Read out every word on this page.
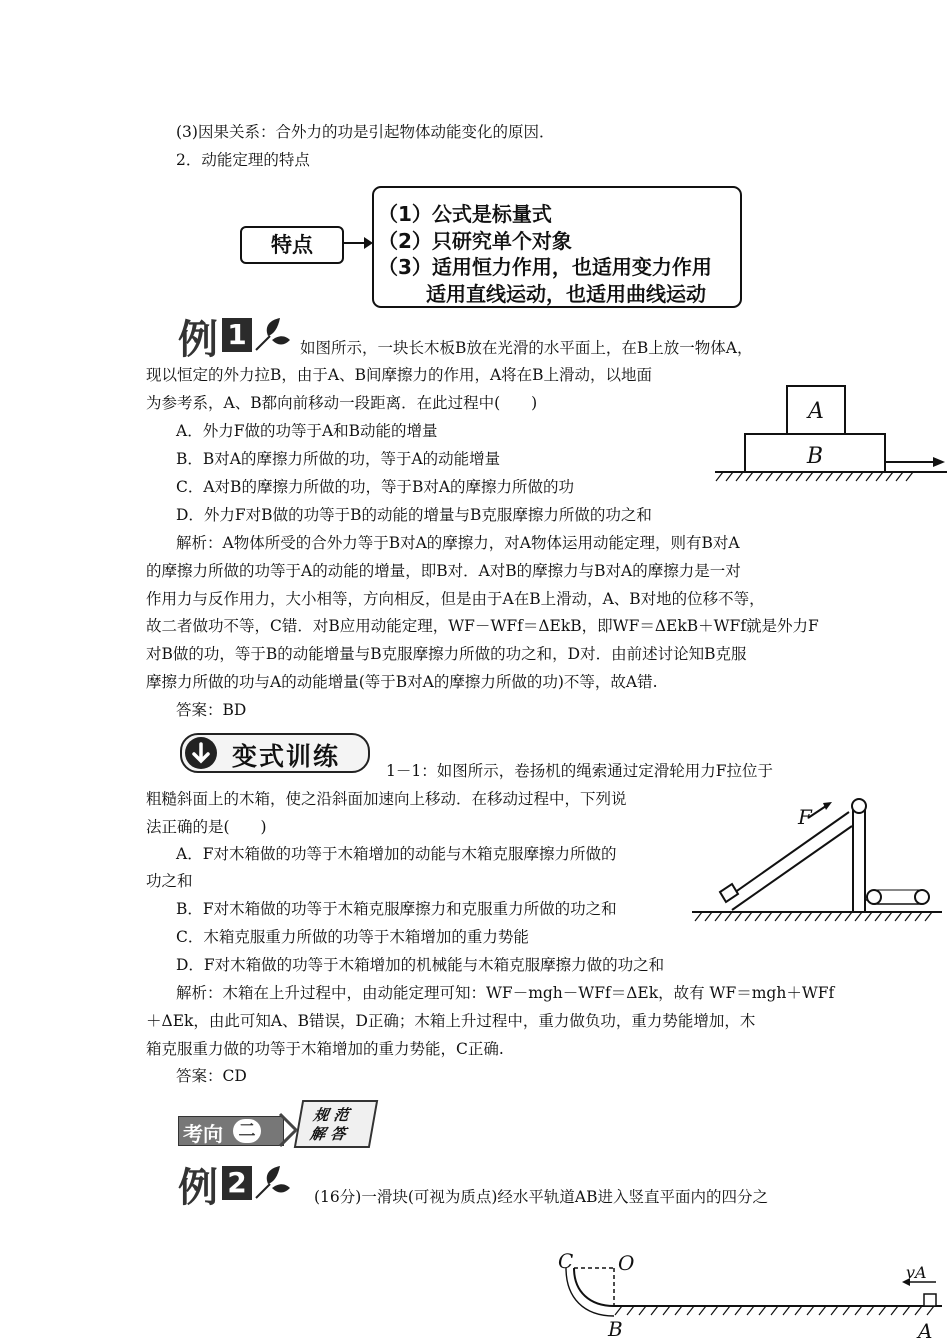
(3)因果关系：合外力的功是引起物体动能变化的原因．
2．动能定理的特点
特点
（1）公式是标量式
（2）只研究单个对象
（3）适用恒力作用，也适用变力作用
适用直线运动，也适用曲线运动
例 1	如图所示，一块长木板B放在光滑的水平面上，在B上放一物体A，
现以恒定的外力拉B，由于A、B间摩擦力的作用，A将在B上滑动，以地面
为参考系，A、B都向前移动一段距离．在此过程中(　　)
A．外力F做的功等于A和B动能的增量
B．B对A的摩擦力所做的功，等于A的动能增量
C．A对B的摩擦力所做的功，等于B对A的摩擦力所做的功
D．外力F对B做的功等于B的动能的增量与B克服摩擦力所做的功之和
A
B
解析：A物体所受的合外力等于B对A的摩擦力，对A物体运用动能定理，则有B对A
的摩擦力所做的功等于A的动能的增量，即B对．A对B的摩擦力与B对A的摩擦力是一对
作用力与反作用力，大小相等，方向相反，但是由于A在B上滑动，A、B对地的位移不等，
故二者做功不等，C错．对B应用动能定理，WF－WFf＝ΔEkB，即WF＝ΔEkB＋WFf就是外力F
对B做的功，等于B的动能增量与B克服摩擦力所做的功之和，D对．由前述讨论知B克服
摩擦力所做的功与A的动能增量(等于B对A的摩擦力所做的功)不等，故A错.
答案：BD
变式训练	1－1：如图所示，卷扬机的绳索通过定滑轮用力F拉位于
粗糙斜面上的木箱，使之沿斜面加速向上移动．在移动过程中，下列说
法正确的是(　　)
A．F对木箱做的功等于木箱增加的动能与木箱克服摩擦力所做的
功之和
B．F对木箱做的功等于木箱克服摩擦力和克服重力所做的功之和
C．木箱克服重力所做的功等于木箱增加的重力势能
D．F对木箱做的功等于木箱增加的机械能与木箱克服摩擦力做的功之和
F
解析：木箱在上升过程中，由动能定理可知：WF－mgh－WFf＝ΔEk，故有 WF＝mgh＋WFf
＋ΔEk，由此可知A、B错误，D正确；木箱上升过程中，重力做负功，重力势能增加，木
箱克服重力做的功等于木箱增加的重力势能，C正确.
答案：CD
考向 二
规 范
解 答
例 2	(16分)一滑块(可视为质点)经水平轨道AB进入竖直平面内的四分之
C O
B	A
vA
